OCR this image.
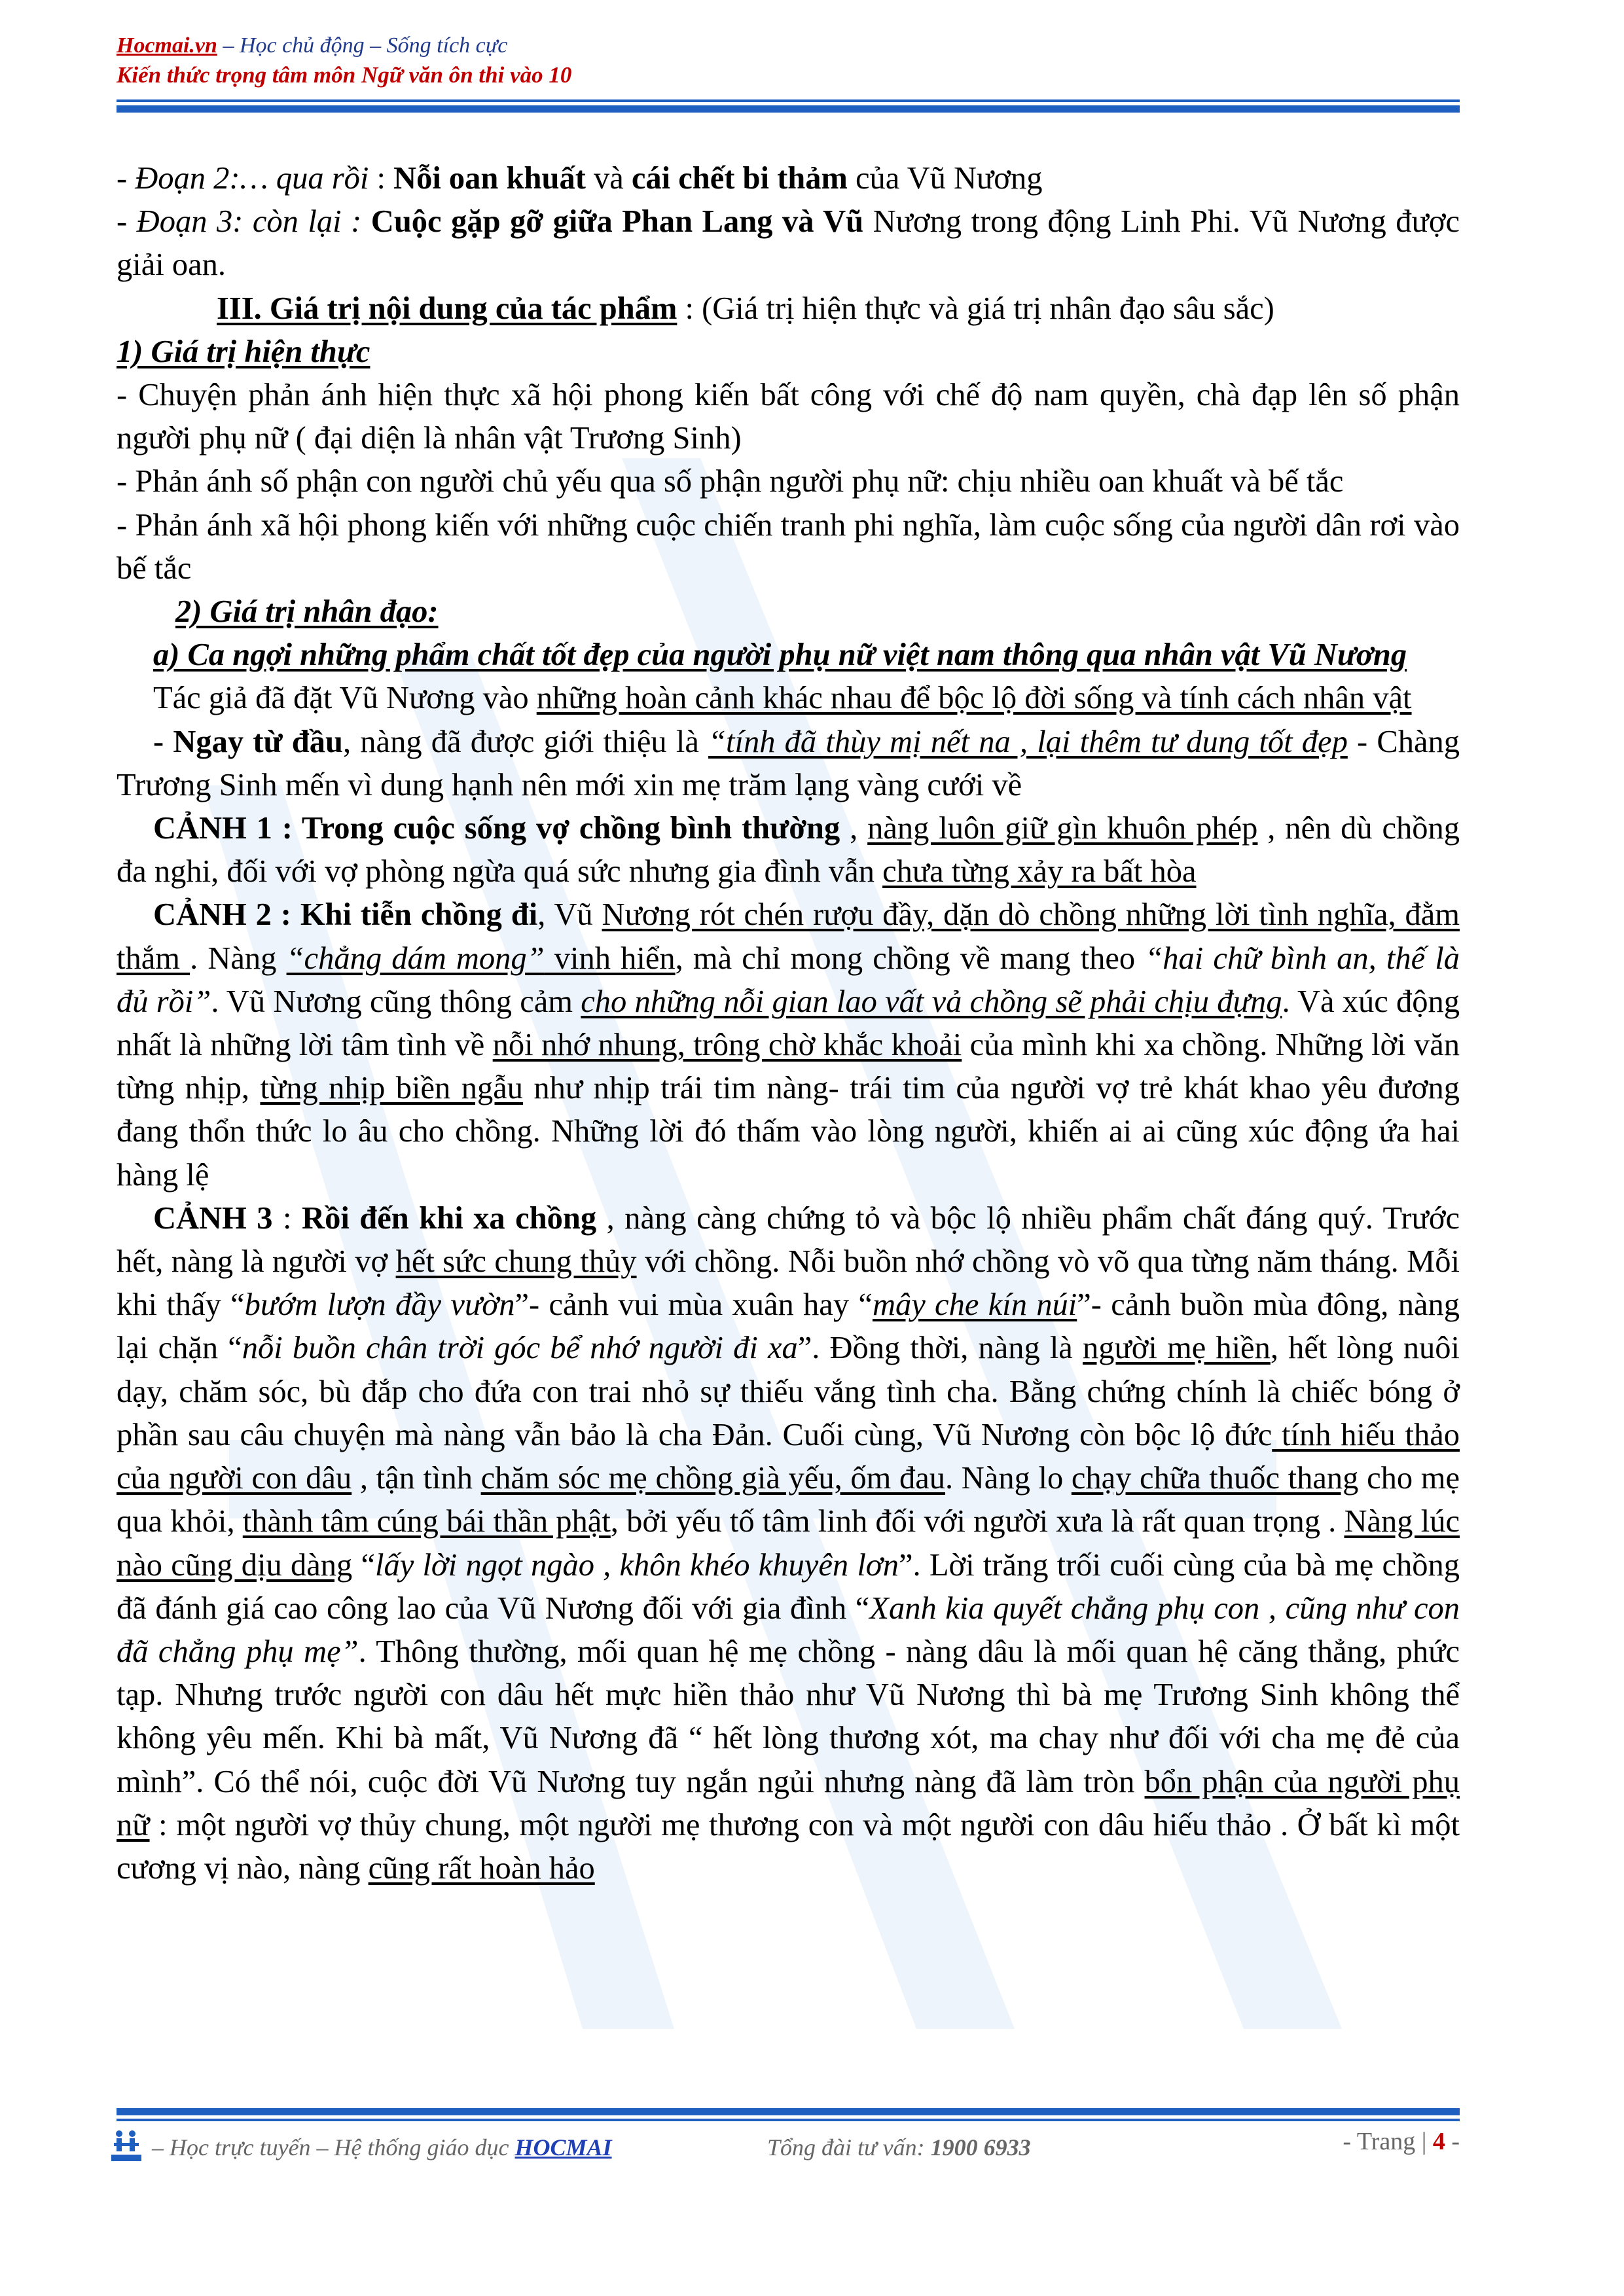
Hocmai.vn – Học chủ động – Sống tích cực
Kiến thức trọng tâm môn Ngữ văn ôn thi vào 10

- Đoạn 2:… qua rồi : Nỗi oan khuất và cái chết bi thảm của Vũ Nương

- Đoạn 3: còn lại : Cuộc gặp gỡ giữa Phan Lang và Vũ Nương trong động Linh Phi. Vũ Nương được giải oan.

III. Giá trị nội dung của tác phẩm : (Giá trị hiện thực và giá trị nhân đạo sâu sắc)

1) Giá trị hiện thực

- Chuyện phản ánh hiện thực xã hội phong kiến bất công với chế độ nam quyền, chà đạp lên số phận người phụ nữ ( đại diện là nhân vật Trương Sinh)

- Phản ánh số phận con người chủ yếu qua số phận người phụ nữ: chịu nhiều oan khuất và bế tắc

- Phản ánh xã hội phong kiến với những cuộc chiến tranh phi nghĩa, làm cuộc sống của người dân rơi vào bế tắc

2) Giá trị nhân đạo:

a) Ca ngợi những phẩm chất tốt đẹp của người phụ nữ việt nam thông qua nhân vật Vũ Nương

Tác giả đã đặt Vũ Nương vào những hoàn cảnh khác nhau để bộc lộ đời sống và tính cách nhân vật

- Ngay từ đầu, nàng đã được giới thiệu là “tính đã thùy mị nết na , lại thêm tư dung tốt đẹp - Chàng Trương Sinh mến vì dung hạnh nên mới xin mẹ trăm lạng vàng cưới về

CẢNH 1 : Trong cuộc sống vợ chồng bình thường , nàng luôn giữ gìn khuôn phép , nên dù chồng đa nghi, đối với vợ phòng ngừa quá sức nhưng gia đình vẫn chưa từng xảy ra bất hòa

CẢNH 2 : Khi tiễn chồng đi, Vũ Nương rót chén rượu đầy, dặn dò chồng những lời tình nghĩa, đằm thắm . Nàng “chẳng dám mong” vinh hiển, mà chỉ mong chồng về mang theo “hai chữ bình an, thế là đủ rồi”. Vũ Nương cũng thông cảm cho những nỗi gian lao vất vả chồng sẽ phải chịu đựng. Và xúc động nhất là những lời tâm tình về nỗi nhớ nhung, trông chờ khắc khoải của mình khi xa chồng. Những lời văn từng nhịp, từng nhịp biền ngẫu như nhịp trái tim nàng- trái tim của người vợ trẻ khát khao yêu đương đang thổn thức lo âu cho chồng. Những lời đó thấm vào lòng người, khiến ai ai cũng xúc động ứa hai hàng lệ

CẢNH 3 : Rồi đến khi xa chồng , nàng càng chứng tỏ và bộc lộ nhiều phẩm chất đáng quý. Trước hết, nàng là người vợ hết sức chung thủy với chồng. Nỗi buồn nhớ chồng vò võ qua từng năm tháng. Mỗi khi thấy “bướm lượn đầy vườn”- cảnh vui mùa xuân hay “mây che kín núi”- cảnh buồn mùa đông, nàng lại chặn “nỗi buồn chân trời góc bể nhớ người đi xa”. Đồng thời, nàng là người mẹ hiền, hết lòng nuôi dạy, chăm sóc, bù đắp cho đứa con trai nhỏ sự thiếu vắng tình cha. Bằng chứng chính là chiếc bóng ở phần sau câu chuyện mà nàng vẫn bảo là cha Đản. Cuối cùng, Vũ Nương còn bộc lộ đức tính hiếu thảo của người con dâu , tận tình chăm sóc mẹ chồng già yếu, ốm đau. Nàng lo chạy chữa thuốc thang cho mẹ qua khỏi, thành tâm cúng bái thần phật, bởi yếu tố tâm linh đối với người xưa là rất quan trọng . Nàng lúc nào cũng dịu dàng “lấy lời ngọt ngào , khôn khéo khuyên lơn”. Lời trăng trối cuối cùng của bà mẹ chồng đã đánh giá cao công lao của Vũ Nương đối với gia đình “Xanh kia quyết chẳng phụ con , cũng như con đã chẳng phụ mẹ”. Thông thường, mối quan hệ mẹ chồng - nàng dâu là mối quan hệ căng thẳng, phức tạp. Nhưng trước người con dâu hết mực hiền thảo như Vũ Nương thì bà mẹ Trương Sinh không thể không yêu mến. Khi bà mất, Vũ Nương đã “ hết lòng thương xót, ma chay như đối với cha mẹ đẻ của mình”. Có thể nói, cuộc đời Vũ Nương tuy ngắn ngủi nhưng nàng đã làm tròn bổn phận của người phụ nữ : một người vợ thủy chung, một người mẹ thương con và một người con dâu hiếu thảo . Ở bất kì một cương vị nào, nàng cũng rất hoàn hảo

– Học trực tuyến – Hệ thống giáo dục HOCMAI	Tổng đài tư vấn: 1900 6933	- Trang | 4 -
